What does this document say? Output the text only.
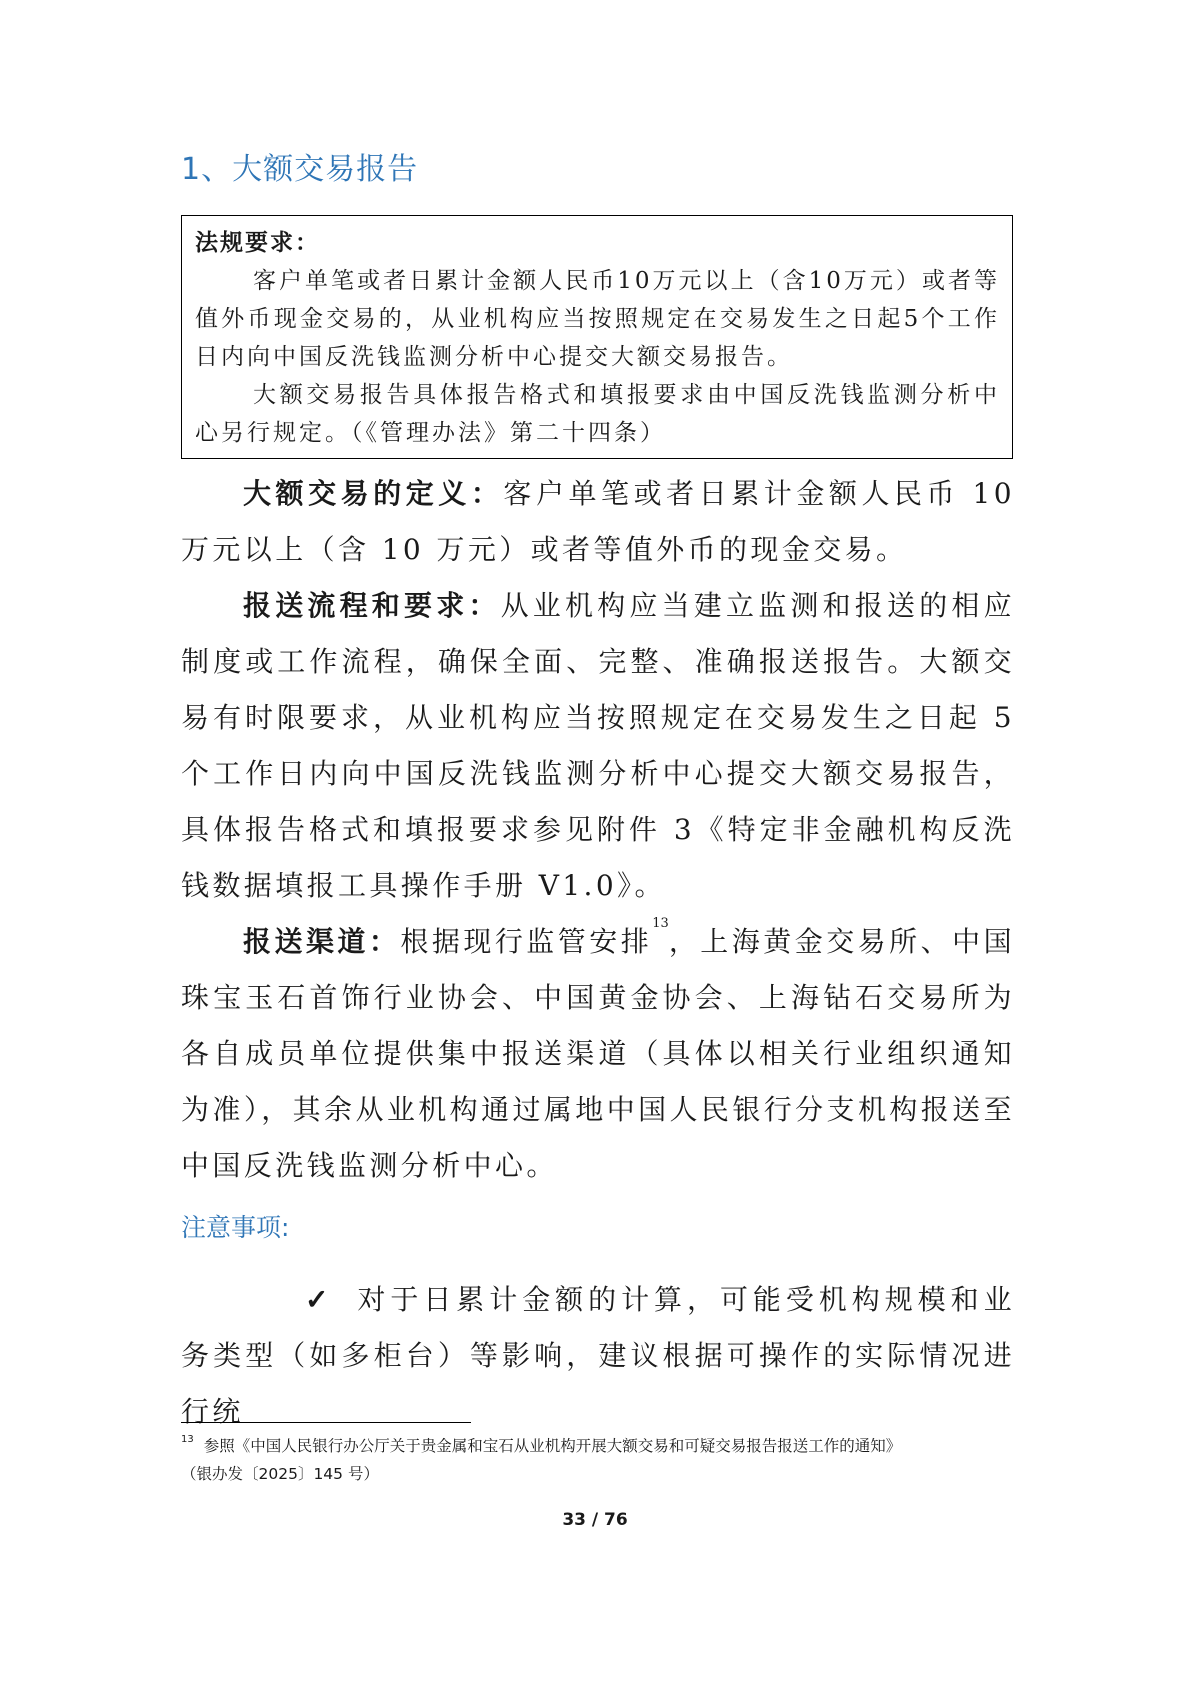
1、大额交易报告
法规要求：

客户单笔或者日累计金额人民币10万元以上（含10万元）或者等值外币现金交易的，从业机构应当按照规定在交易发生之日起5个工作日内向中国反洗钱监测分析中心提交大额交易报告。

大额交易报告具体报告格式和填报要求由中国反洗钱监测分析中心另行规定。（《管理办法》第二十四条）

大额交易的定义：客户单笔或者日累计金额人民币 10 万元以上（含 10 万元）或者等值外币的现金交易。

报送流程和要求：从业机构应当建立监测和报送的相应制度或工作流程，确保全面、完整、准确报送报告。大额交易有时限要求，从业机构应当按照规定在交易发生之日起 5 个工作日内向中国反洗钱监测分析中心提交大额交易报告，具体报告格式和填报要求参见附件 3《特定非金融机构反洗钱数据填报工具操作手册 V1.0》。

报送渠道：根据现行监管安排$^{13}$，上海黄金交易所、中国珠宝玉石首饰行业协会、中国黄金协会、上海钻石交易所为各自成员单位提供集中报送渠道（具体以相关行业组织通知为准），其余从业机构通过属地中国人民银行分支机构报送至中国反洗钱监测分析中心。

注意事项:

✓ 对于日累计金额的计算，可能受机构规模和业务类型（如多柜台）等影响，建议根据可操作的实际情况进行统

$^{13}$ 参照《中国人民银行办公厅关于贵金属和宝石从业机构开展大额交易和可疑交易报告报送工作的通知》
（银办发〔2025〕145 号）

33 / 76
